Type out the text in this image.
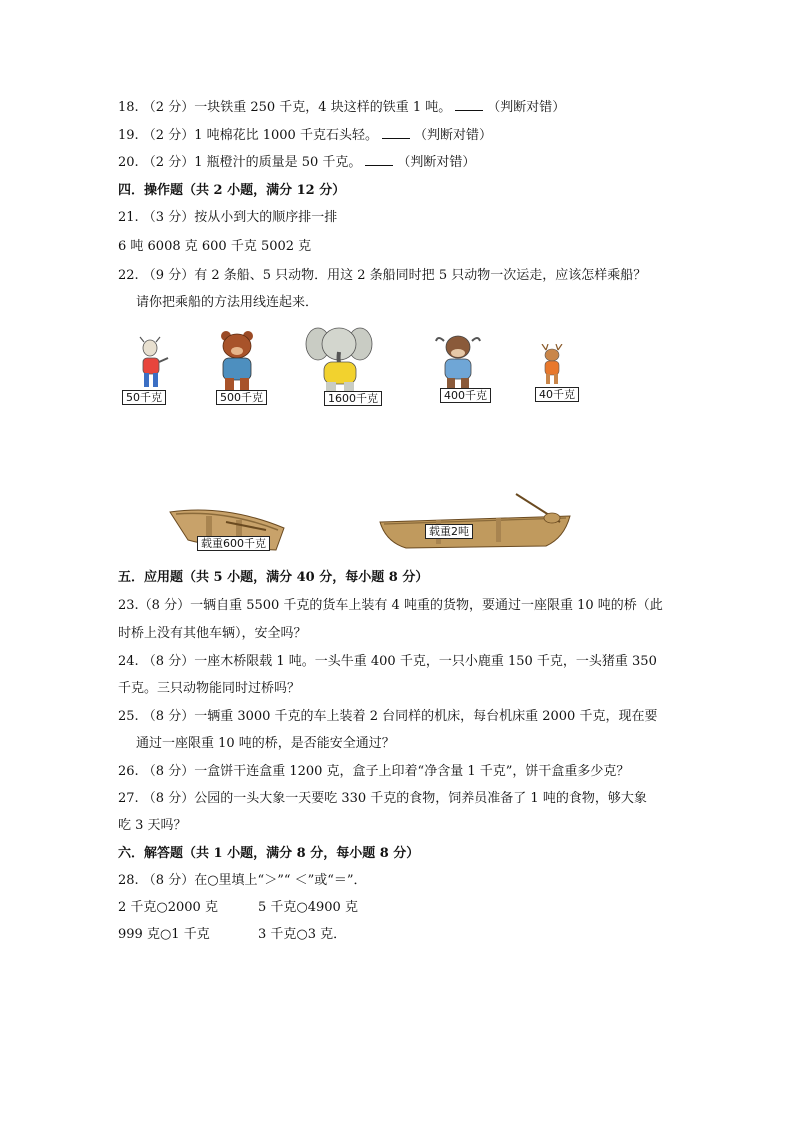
18. （2 分）一块铁重 250 千克，4 块这样的铁重 1 吨。	（判断对错）
19. （2 分）1 吨棉花比 1000 千克石头轻。	（判断对错）
20. （2 分）1 瓶橙汁的质量是 50 千克。	（判断对错）
四．操作题（共 2 小题，满分 12 分）
21. （3 分）按从小到大的顺序排一排
6 吨 6008 克 600 千克 5002 克
22. （9 分）有 2 条船、5 只动物．用这 2 条船同时把 5 只动物一次运走，应该怎样乘船？
请你把乘船的方法用线连起来．
50千克	500千克	1600千克	400千克	40千克
载重600千克
载重2吨
五．应用题（共 5 小题，满分 40 分，每小题 8 分）
23.（8 分）一辆自重 5500 千克的货车上装有 4 吨重的货物，要通过一座限重 10 吨的桥（此
时桥上没有其他车辆），安全吗？
24. （8 分）一座木桥限载 1 吨。一头牛重 400 千克，一只小鹿重 150 千克，一头猪重 350
千克。三只动物能同时过桥吗？
25. （8 分）一辆重 3000 千克的车上装着 2 台同样的机床，每台机床重 2000 千克，现在要
通过一座限重 10 吨的桥，是否能安全通过？
26. （8 分）一盒饼干连盒重 1200 克，盒子上印着“净含量 1 千克”，饼干盒重多少克？
27. （8 分）公园的一头大象一天要吃 330 千克的食物，饲养员准备了 1 吨的食物，够大象
吃 3 天吗？
六．解答题（共 1 小题，满分 8 分，每小题 8 分）
28. （8 分）在○里填上“＞”“ ＜”或“＝”．
2 千克○2000 克	5 千克○4900 克
999 克○1 千克	3 千克○3 克．
